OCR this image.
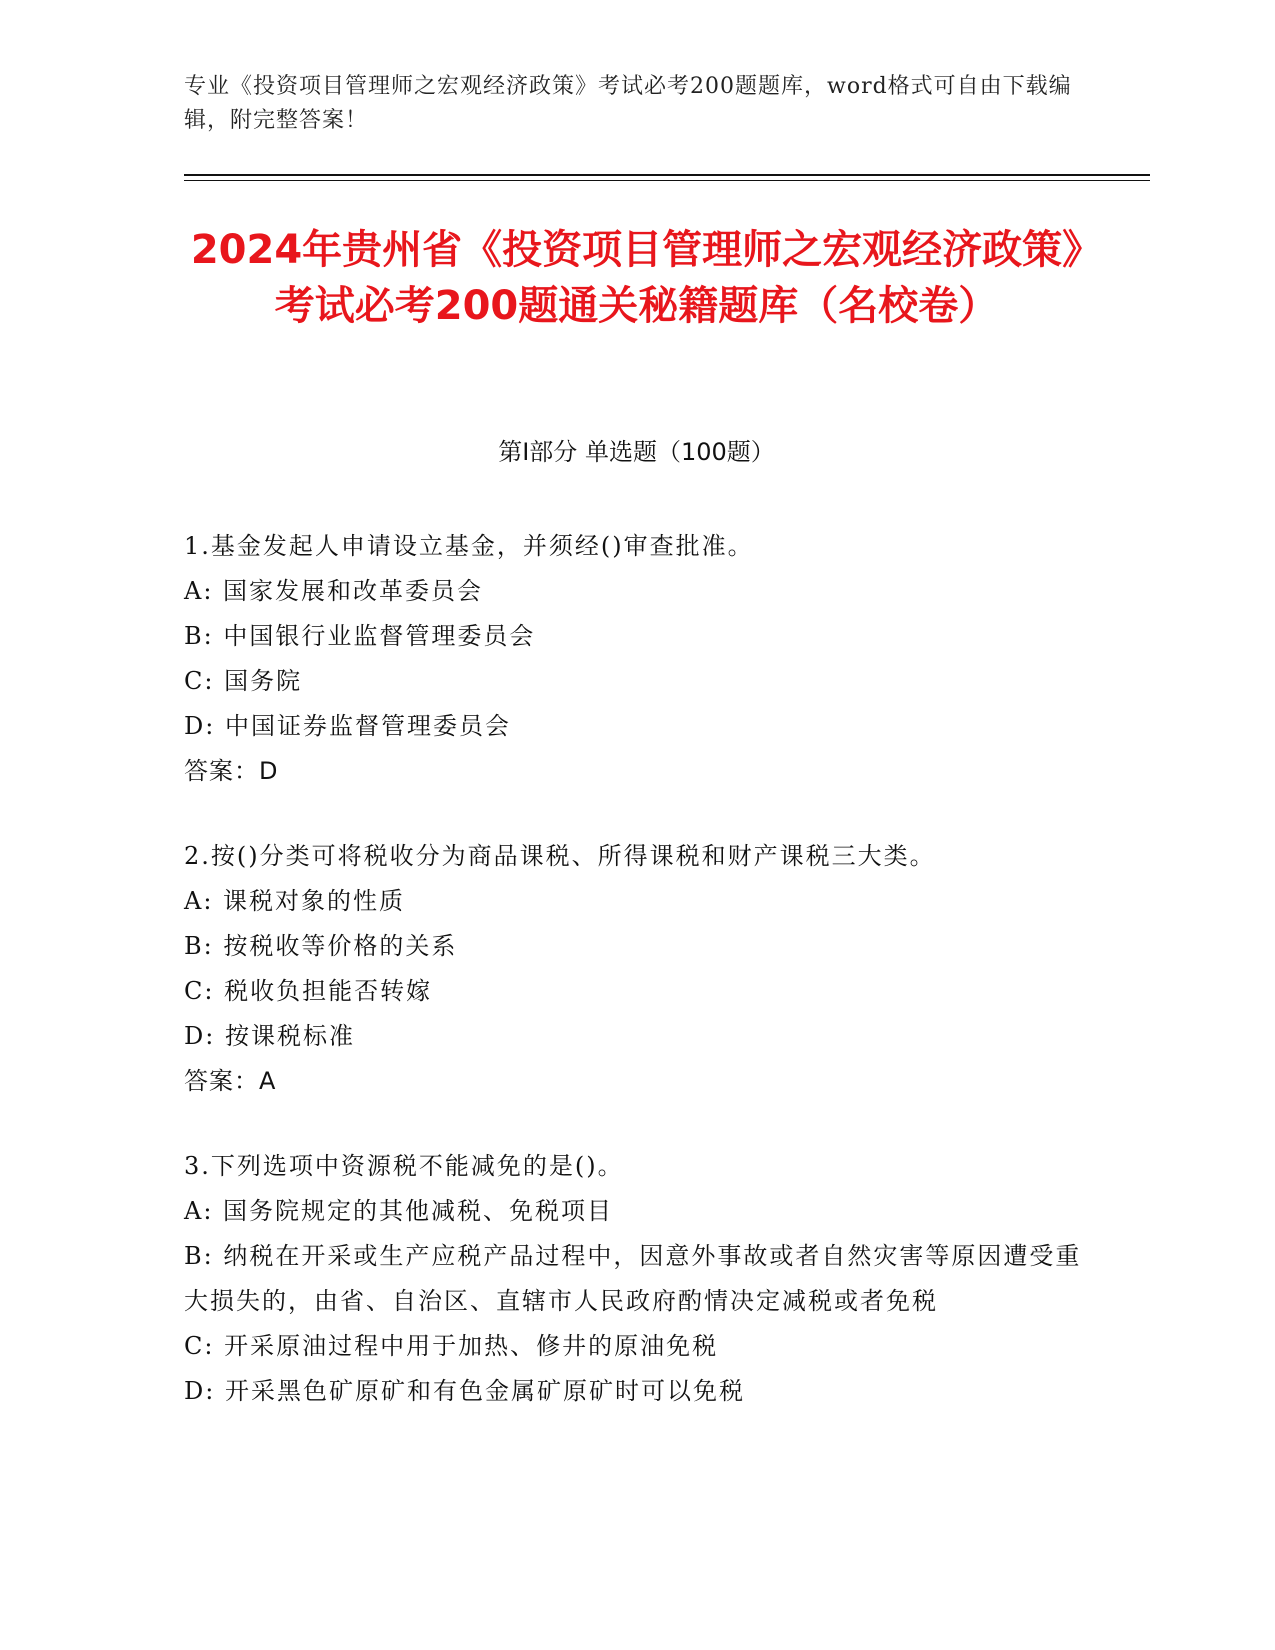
专业《投资项目管理师之宏观经济政策》考试必考200题题库，word格式可自由下载编辑，附完整答案！
2024年贵州省《投资项目管理师之宏观经济政策》考试必考200题通关秘籍题库（名校卷）
第I部分 单选题（100题）
1.基金发起人申请设立基金，并须经()审查批准。
A: 国家发展和改革委员会
B: 中国银行业监督管理委员会
C: 国务院
D: 中国证券监督管理委员会
答案：D
2.按()分类可将税收分为商品课税、所得课税和财产课税三大类。
A: 课税对象的性质
B: 按税收等价格的关系
C: 税收负担能否转嫁
D: 按课税标准
答案：A
3.下列选项中资源税不能减免的是()。
A: 国务院规定的其他减税、免税项目
B: 纳税在开采或生产应税产品过程中，因意外事故或者自然灾害等原因遭受重大损失的，由省、自治区、直辖市人民政府酌情决定减税或者免税
C: 开采原油过程中用于加热、修井的原油免税
D: 开采黑色矿原矿和有色金属矿原矿时可以免税
